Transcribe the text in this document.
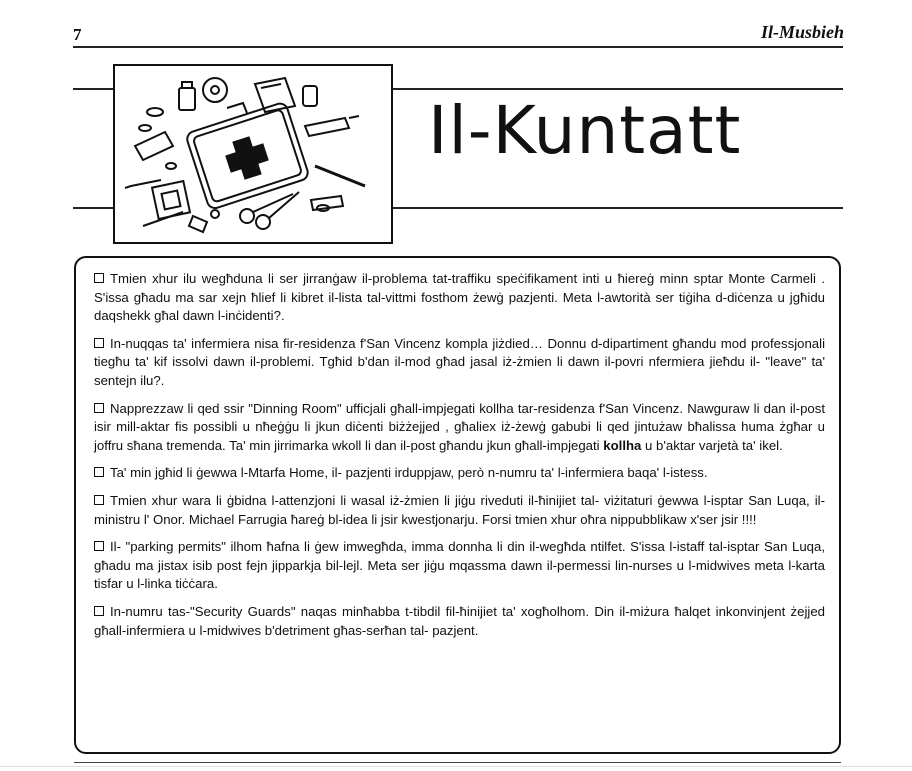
7	Il-Musbieh
Il-Kuntatt

Tmien xhur ilu wegħduna li ser jirranġaw il-problema tat-traffiku speċifikament inti u ħiereġ minn sptar Monte Carmeli . S'issa għadu ma sar xejn ħlief li kibret il-lista tal-vittmi fosthom żewġ pazjenti. Meta l-awtorità ser tiġiha d-diċenza u jgħidu daqshekk għal dawn l-inċidenti?.

In-nuqqas ta' infermiera nisa fir-residenza f'San Vincenz kompla jiżdied… Donnu d-dipartiment għandu mod professjonali tiegħu ta' kif issolvi dawn il-problemi. Tgħid b'dan il-mod għad jasal iż-żmien li dawn il-povri nfermiera jieħdu il- "leave" ta' sentejn ilu?.

Napprezzaw li qed ssir "Dinning Room" ufficjali għall-impjegati kollha tar-residenza f'San Vincenz. Nawguraw li dan il-post isir mill-aktar fis possibli u nħeġġu li jkun diċenti biżżejjed , għaliex iż-żewġ gabubi li qed jintużaw bħalissa huma żgħar u joffru sħana tremenda. Ta' min jirrimarka wkoll li dan il-post għandu jkun għall-impjegati kollha u b'aktar varjetà ta' ikel.

Ta' min jgħid li ġewwa l-Mtarfa Home, il- pazjenti irduppjaw, però n-numru ta' l-infermiera baqa' l-istess.

Tmien xhur wara li ġbidna l-attenzjoni li wasal iż-żmien li jiġu riveduti il-ħinijiet tal- viżitaturi ġewwa l-isptar San Luqa, il- ministru l' Onor. Michael Farrugia ħareġ bl-idea li jsir kwestjonarju. Forsi tmien xhur oħra nippubblikaw x'ser jsir !!!!

Il- "parking permits" ilhom ħafna li ġew imwegħda, imma donnha li din il-wegħda ntilfet. S'issa l-istaff tal-isptar San Luqa, għadu ma jistax isib post fejn jipparkja bil-lejl. Meta ser jiġu mqassma dawn il-permessi lin-nurses u l-midwives meta l-karta tisfar u l-linka tiċċara.

In-numru tas-"Security Guards" naqas minħabba t-tibdil fil-ħinijiet ta' xogħolhom. Din il-miżura ħalqet inkonvinjent żejjed għall-infermiera u l-midwives b'detriment għas-serħan tal- pazjent.
